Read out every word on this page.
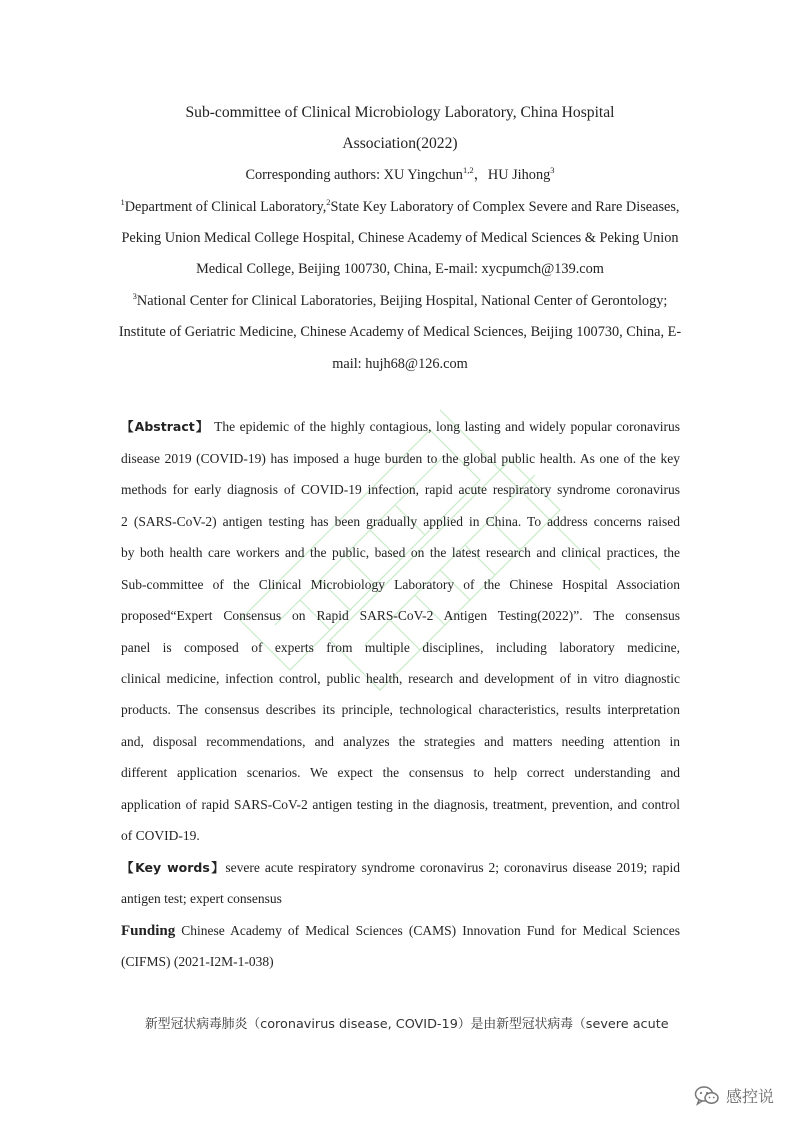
Sub-committee of Clinical Microbiology Laboratory, China Hospital
Association(2022)
Corresponding authors: XU Yingchun$^{1,2}$，HU Jihong$^3$
$^1$Department of Clinical Laboratory,$^2$State Key Laboratory of Complex Severe and Rare Diseases,
Peking Union Medical College Hospital, Chinese Academy of Medical Sciences & Peking Union
Medical College, Beijing 100730, China, E-mail: xycpumch@139.com
$^3$National Center for Clinical Laboratories, Beijing Hospital, National Center of Gerontology;
Institute of Geriatric Medicine, Chinese Academy of Medical Sciences, Beijing 100730, China, E-
mail: hujh68@126.com
【Abstract】 The epidemic of the highly contagious, long lasting and widely popular coronavirus
disease 2019 (COVID-19) has imposed a huge burden to the global public health. As one of the key
methods for early diagnosis of COVID-19 infection, rapid acute respiratory syndrome coronavirus
2 (SARS-CoV-2) antigen testing has been gradually applied in China. To address concerns raised
by both health care workers and the public, based on the latest research and clinical practices, the
Sub-committee of the Clinical Microbiology Laboratory of the Chinese Hospital Association
proposed“Expert Consensus on Rapid SARS-CoV-2 Antigen Testing(2022)”. The consensus
panel is composed of experts from multiple disciplines, including laboratory medicine,
clinical medicine, infection control, public health, research and development of in vitro diagnostic
products. The consensus describes its principle, technological characteristics, results interpretation
and, disposal recommendations, and analyzes the strategies and matters needing attention in
different application scenarios. We expect the consensus to help correct understanding and
application of rapid SARS-CoV-2 antigen testing in the diagnosis, treatment, prevention, and control
of COVID-19.
【Key words】severe acute respiratory syndrome coronavirus 2; coronavirus disease 2019; rapid
antigen test; expert consensus
Funding Chinese Academy of Medical Sciences (CAMS) Innovation Fund for Medical Sciences
(CIFMS) (2021-I2M-1-038)
新型冠状病毒肺炎（coronavirus disease, COVID-19）是由新型冠状病毒（severe acute
感控说
